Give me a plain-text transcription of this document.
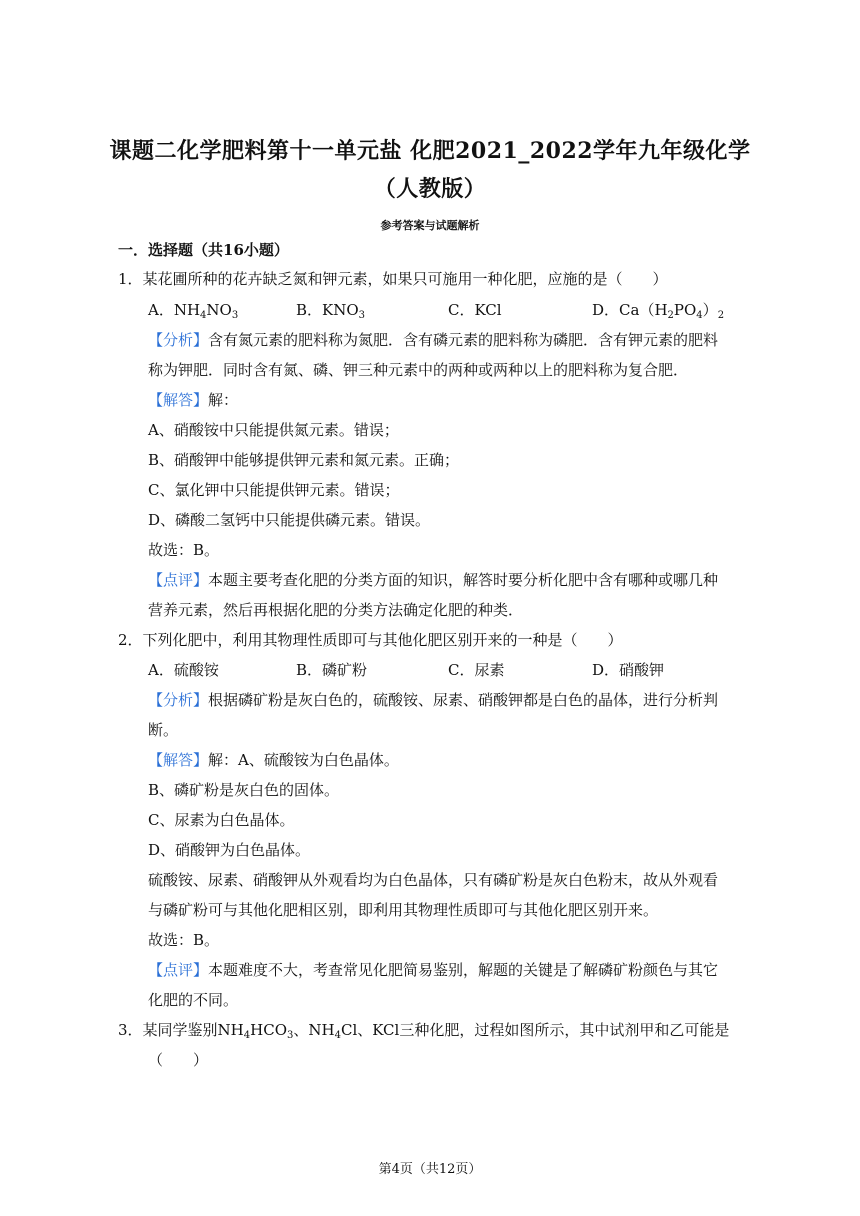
课题二化学肥料第十一单元盐 化肥2021_2022学年九年级化学
（人教版）
参考答案与试题解析
一．选择题（共16小题）
1．某花圃所种的花卉缺乏氮和钾元素，如果只可施用一种化肥，应施的是（　　）
A．$NH_4NO_3$	B．$KNO_3$	C．KCl	D．$Ca(H_2PO_4)_2$
【分析】含有氮元素的肥料称为氮肥．含有磷元素的肥料称为磷肥．含有钾元素的肥料
称为钾肥．同时含有氮、磷、钾三种元素中的两种或两种以上的肥料称为复合肥．
【解答】解：
A、硝酸铵中只能提供氮元素。错误；
B、硝酸钾中能够提供钾元素和氮元素。正确；
C、氯化钾中只能提供钾元素。错误；
D、磷酸二氢钙中只能提供磷元素。错误。
故选：B。
【点评】本题主要考查化肥的分类方面的知识，解答时要分析化肥中含有哪种或哪几种
营养元素，然后再根据化肥的分类方法确定化肥的种类．
2．下列化肥中，利用其物理性质即可与其他化肥区别开来的一种是（　　）
A．硫酸铵	B．磷矿粉	C．尿素	D．硝酸钾
【分析】根据磷矿粉是灰白色的，硫酸铵、尿素、硝酸钾都是白色的晶体，进行分析判
断。
【解答】解：A、硫酸铵为白色晶体。
B、磷矿粉是灰白色的固体。
C、尿素为白色晶体。
D、硝酸钾为白色晶体。
硫酸铵、尿素、硝酸钾从外观看均为白色晶体，只有磷矿粉是灰白色粉末，故从外观看
与磷矿粉可与其他化肥相区别，即利用其物理性质即可与其他化肥区别开来。
故选：B。
【点评】本题难度不大，考查常见化肥简易鉴别，解题的关键是了解磷矿粉颜色与其它
化肥的不同。
3．某同学鉴别$NH_4HCO_3$、$NH_4Cl$、KCl三种化肥，过程如图所示，其中试剂甲和乙可能是
（　　）
第4页（共12页）
